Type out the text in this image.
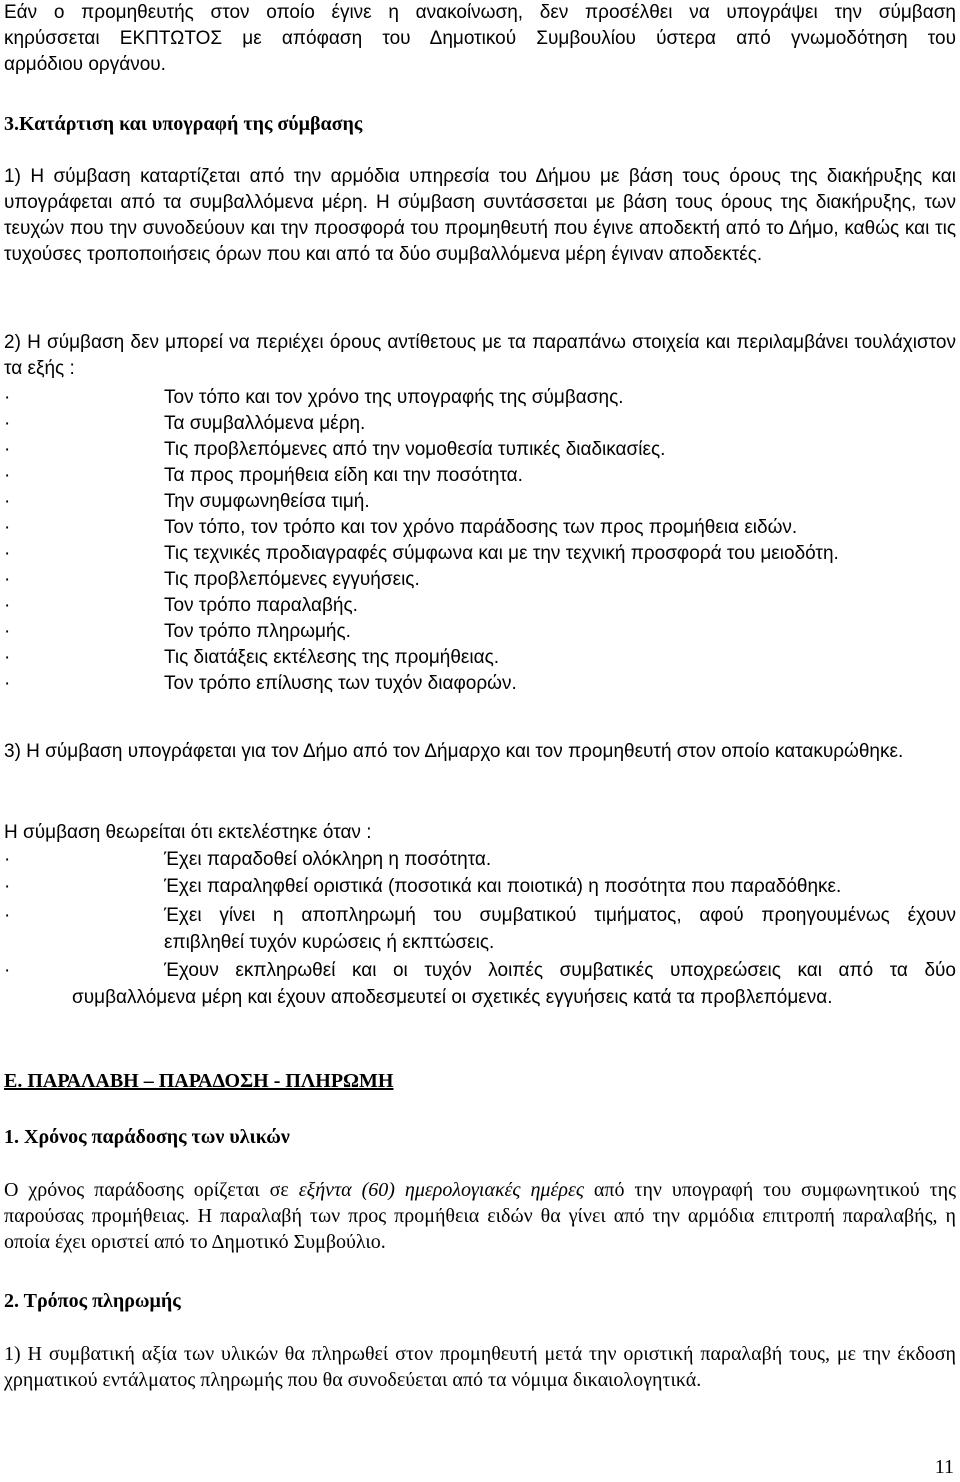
Εάν ο προμηθευτής στον οποίο έγινε η ανακοίνωση, δεν προσέλθει να υπογράψει την σύμβαση
κηρύσσεται ΕΚΠΤΩΤΟΣ με απόφαση του Δημοτικού Συμβουλίου ύστερα από γνωμοδότηση του
αρμόδιου οργάνου.
3.Κατάρτιση και υπογραφή της σύμβασης

1) Η σύμβαση καταρτίζεται από την αρμόδια υπηρεσία του Δήμου με βάση τους όρους της διακήρυξης και υπογράφεται από τα συμβαλλόμενα μέρη. Η σύμβαση συντάσσεται με βάση τους όρους της διακήρυξης, των τευχών που την συνοδεύουν και την προσφορά του προμηθευτή που έγινε αποδεκτή από το Δήμο, καθώς και τις τυχούσες τροποποιήσεις όρων που και από τα δύο συμβαλλόμενα μέρη έγιναν αποδεκτές.

2) Η σύμβαση δεν μπορεί να περιέχει όρους αντίθετους με τα παραπάνω στοιχεία και περιλαμβάνει τουλάχιστον τα εξής :

·	Τον τόπο και τον χρόνο της υπογραφής της σύμβασης.
·	Τα συμβαλλόμενα μέρη.
·	Τις προβλεπόμενες από την νομοθεσία τυπικές διαδικασίες.
·	Τα προς προμήθεια είδη και την ποσότητα.
·	Την συμφωνηθείσα τιμή.
·	Τον τόπο, τον τρόπο και τον χρόνο παράδοσης των προς προμήθεια ειδών.
·	Τις τεχνικές προδιαγραφές σύμφωνα και με την τεχνική προσφορά του μειοδότη.
·	Τις προβλεπόμενες εγγυήσεις.
·	Τον τρόπο παραλαβής.
·	Τον τρόπο πληρωμής.
·	Τις διατάξεις εκτέλεσης της προμήθειας.
·	Τον τρόπο επίλυσης των τυχόν διαφορών.

3) Η σύμβαση υπογράφεται για τον Δήμο από τον Δήμαρχο και τον προμηθευτή στον οποίο κατακυρώθηκε.

Η σύμβαση θεωρείται ότι εκτελέστηκε όταν :
·	Έχει παραδοθεί ολόκληρη η ποσότητα.
·	Έχει παραληφθεί οριστικά (ποσοτικά και ποιοτικά) η ποσότητα που παραδόθηκε.
·	Έχει γίνει η αποπληρωμή του συμβατικού τιμήματος, αφού προηγουμένως έχουν
επιβληθεί τυχόν κυρώσεις ή εκπτώσεις.
·	Έχουν εκπληρωθεί και οι τυχόν λοιπές συμβατικές υποχρεώσεις και από τα δύο
συμβαλλόμενα μέρη και έχουν αποδεσμευτεί οι σχετικές εγγυήσεις κατά τα προβλεπόμενα.
Ε. ΠΑΡΑΛΑΒΗ – ΠΑΡΑΔΟΣΗ - ΠΛΗΡΩΜΗ
1. Χρόνος παράδοσης των υλικών

Ο χρόνος παράδοσης ορίζεται σε εξήντα (60) ημερολογιακές ημέρες από την υπογραφή του συμφωνητικού της παρούσας προμήθειας. Η παραλαβή των προς προμήθεια ειδών θα γίνει από την αρμόδια επιτροπή παραλαβής, η οποία έχει οριστεί από το Δημοτικό Συμβούλιο.

2. Τρόπος πληρωμής

1) Η συμβατική αξία των υλικών θα πληρωθεί στον προμηθευτή μετά την οριστική παραλαβή τους, με την έκδοση χρηματικού εντάλματος πληρωμής που θα συνοδεύεται από τα νόμιμα δικαιολογητικά.

11
